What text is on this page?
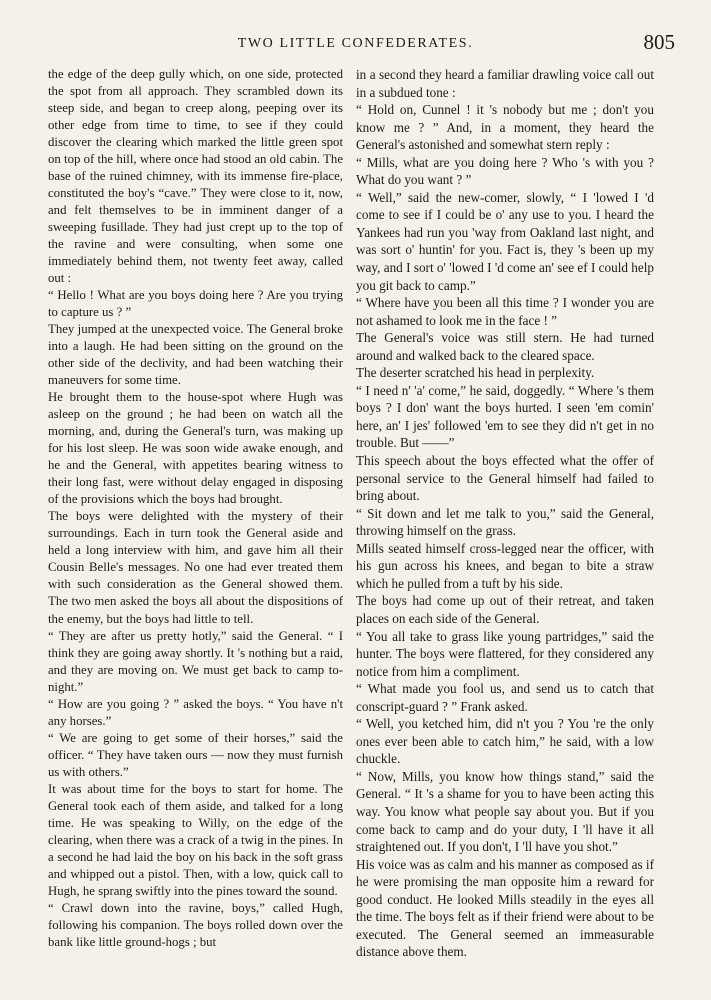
TWO LITTLE CONFEDERATES.	805

the edge of the deep gully which, on one side, protected the spot from all approach. They scrambled down its steep side, and began to creep along, peeping over its other edge from time to time, to see if they could discover the clearing which marked the little green spot on top of the hill, where once had stood an old cabin. The base of the ruined chimney, with its immense fire-place, constituted the boy's “cave.” They were close to it, now, and felt themselves to be in imminent danger of a sweeping fusillade. They had just crept up to the top of the ravine and were consulting, when some one immediately behind them, not twenty feet away, called out :

“ Hello ! What are you boys doing here ? Are you trying to capture us ? ”

They jumped at the unexpected voice. The General broke into a laugh. He had been sitting on the ground on the other side of the declivity, and had been watching their maneuvers for some time.

He brought them to the house-spot where Hugh was asleep on the ground ; he had been on watch all the morning, and, during the General's turn, was making up for his lost sleep. He was soon wide awake enough, and he and the General, with appetites bearing witness to their long fast, were without delay engaged in disposing of the provisions which the boys had brought.

The boys were delighted with the mystery of their surroundings. Each in turn took the General aside and held a long interview with him, and gave him all their Cousin Belle's messages. No one had ever treated them with such consideration as the General showed them. The two men asked the boys all about the dispositions of the enemy, but the boys had little to tell.

“ They are after us pretty hotly,” said the General. “ I think they are going away shortly. It 's nothing but a raid, and they are moving on. We must get back to camp to-night.”

“ How are you going ? ” asked the boys. “ You have n't any horses.”

“ We are going to get some of their horses,” said the officer. “ They have taken ours — now they must furnish us with others.”

It was about time for the boys to start for home. The General took each of them aside, and talked for a long time. He was speaking to Willy, on the edge of the clearing, when there was a crack of a twig in the pines. In a second he had laid the boy on his back in the soft grass and whipped out a pistol. Then, with a low, quick call to Hugh, he sprang swiftly into the pines toward the sound.

“ Crawl down into the ravine, boys,” called Hugh, following his companion. The boys rolled down over the bank like little ground-hogs ; but

in a second they heard a familiar drawling voice call out in a subdued tone :

“ Hold on, Cunnel ! it 's nobody but me ; don't you know me ? ” And, in a moment, they heard the General's astonished and somewhat stern reply :

“ Mills, what are you doing here ? Who 's with you ? What do you want ? ”

“ Well,” said the new-comer, slowly, “ I 'lowed I 'd come to see if I could be o' any use to you. I heard the Yankees had run you 'way from Oakland last night, and was sort o' huntin' for you. Fact is, they 's been up my way, and I sort o' 'lowed I 'd come an' see ef I could help you git back to camp.”

“ Where have you been all this time ? I wonder you are not ashamed to look me in the face ! ”

The General's voice was still stern. He had turned around and walked back to the cleared space.

The deserter scratched his head in perplexity.

“ I need n' 'a' come,” he said, doggedly. “ Where 's them boys ? I don' want the boys hurted. I seen 'em comin' here, an' I jes' followed 'em to see they did n't get in no trouble. But ——”

This speech about the boys effected what the offer of personal service to the General himself had failed to bring about.

“ Sit down and let me talk to you,” said the General, throwing himself on the grass.

Mills seated himself cross-legged near the officer, with his gun across his knees, and began to bite a straw which he pulled from a tuft by his side.

The boys had come up out of their retreat, and taken places on each side of the General.

“ You all take to grass like young partridges,” said the hunter. The boys were flattered, for they considered any notice from him a compliment.

“ What made you fool us, and send us to catch that conscript-guard ? ” Frank asked.

“ Well, you ketched him, did n't you ? You 're the only ones ever been able to catch him,” he said, with a low chuckle.

“ Now, Mills, you know how things stand,” said the General. “ It 's a shame for you to have been acting this way. You know what people say about you. But if you come back to camp and do your duty, I 'll have it all straightened out. If you don't, I 'll have you shot.”

His voice was as calm and his manner as composed as if he were promising the man opposite him a reward for good conduct. He looked Mills steadily in the eyes all the time. The boys felt as if their friend were about to be executed. The General seemed an immeasurable distance above them.
